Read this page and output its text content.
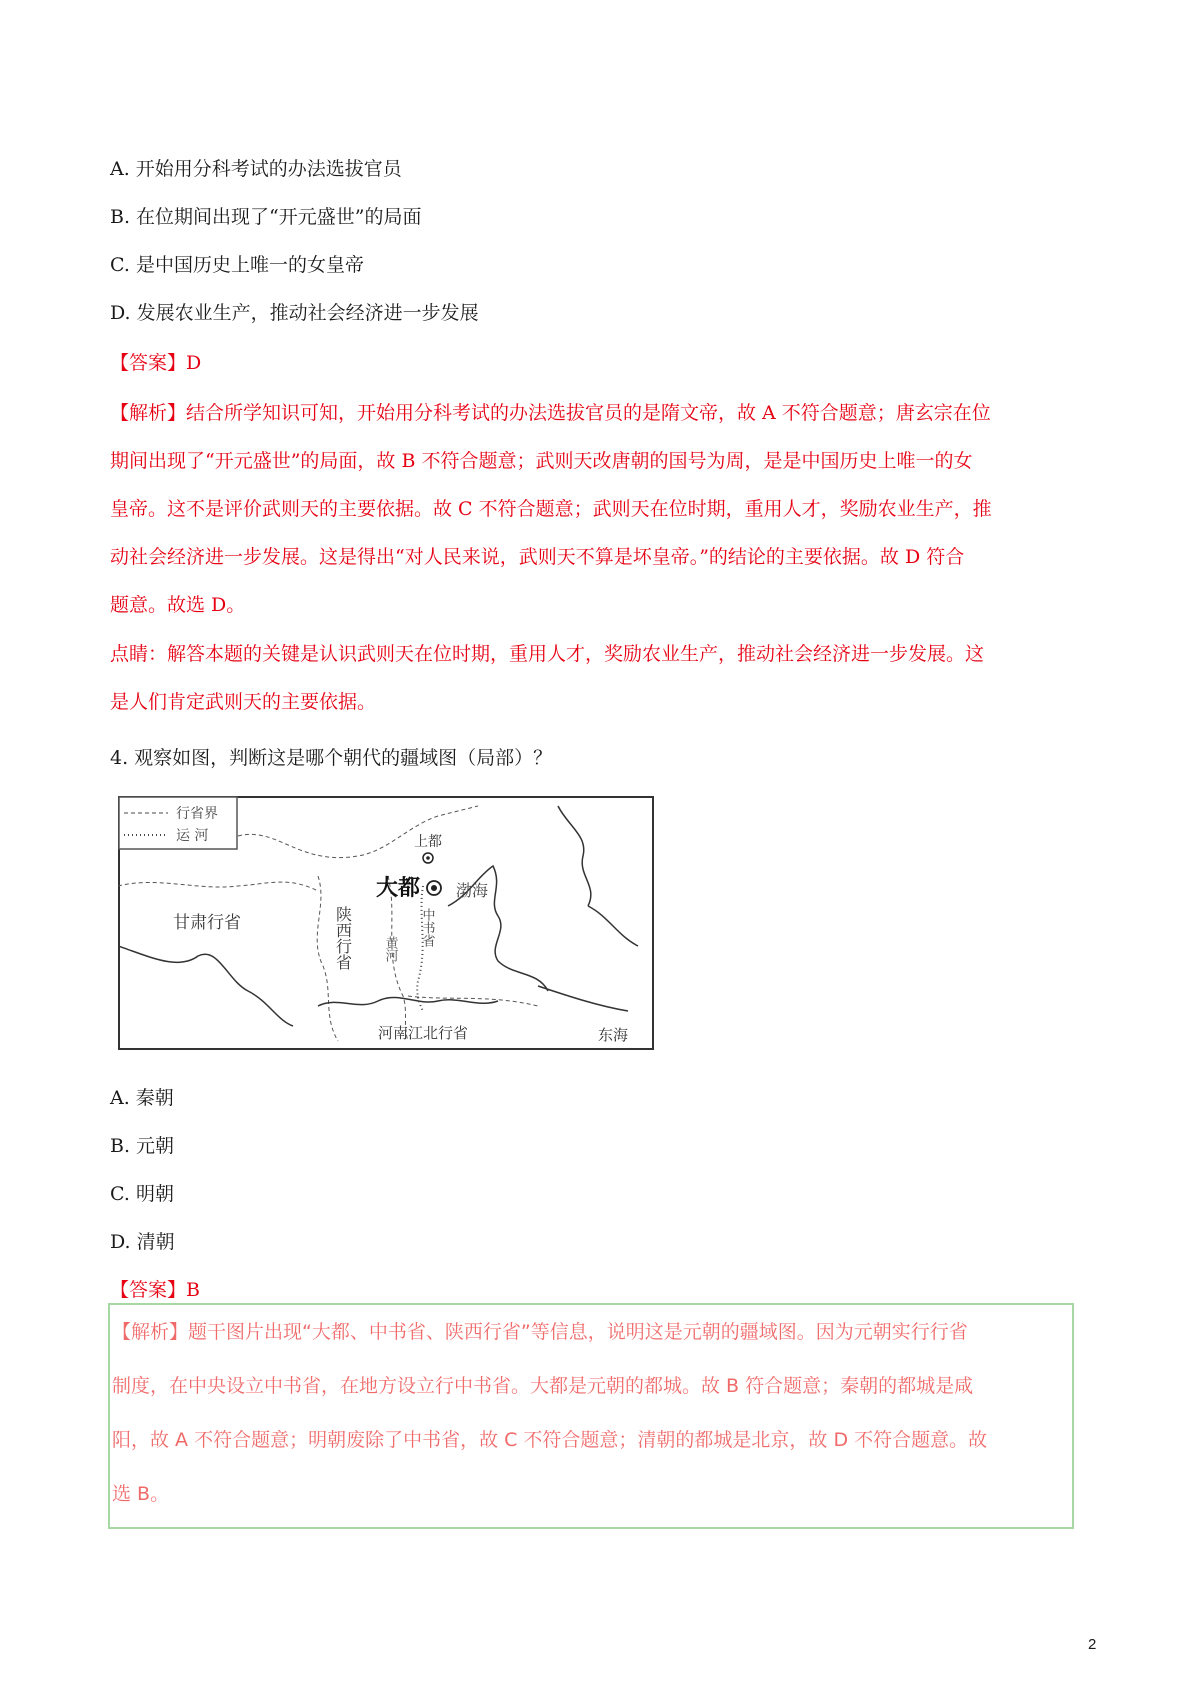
A. 开始用分科考试的办法选拔官员
B. 在位期间出现了“开元盛世”的局面
C. 是中国历史上唯一的女皇帝
D. 发展农业生产，推动社会经济进一步发展
【答案】D
【解析】结合所学知识可知，开始用分科考试的办法选拔官员的是隋文帝，故 A 不符合题意；唐玄宗在位
期间出现了“开元盛世”的局面，故 B 不符合题意；武则天改唐朝的国号为周，是是中国历史上唯一的女
皇帝。这不是评价武则天的主要依据。故 C 不符合题意；武则天在位时期，重用人才，奖励农业生产，推
动社会经济进一步发展。这是得出“对人民来说，武则天不算是坏皇帝。”的结论的主要依据。故 D 符合
题意。故选 D。
点睛：解答本题的关键是认识武则天在位时期，重用人才，奖励农业生产，推动社会经济进一步发展。这
是人们肯定武则天的主要依据。
4. 观察如图，判断这是哪个朝代的疆域图（局部）？
行省界
运 河	上都
大都 渤海
甘肃行省	中书省
陕西行省 黄河
河南江北行省	东海
A. 秦朝
B. 元朝
C. 明朝
D. 清朝
【答案】B
【解析】题干图片出现“大都、中书省、陕西行省”等信息，说明这是元朝的疆域图。因为元朝实行行省
制度，在中央设立中书省，在地方设立行中书省。大都是元朝的都城。故 B 符合题意；秦朝的都城是咸
阳，故 A 不符合题意；明朝废除了中书省，故 C 不符合题意；清朝的都城是北京，故 D 不符合题意。故
选 B。
2
